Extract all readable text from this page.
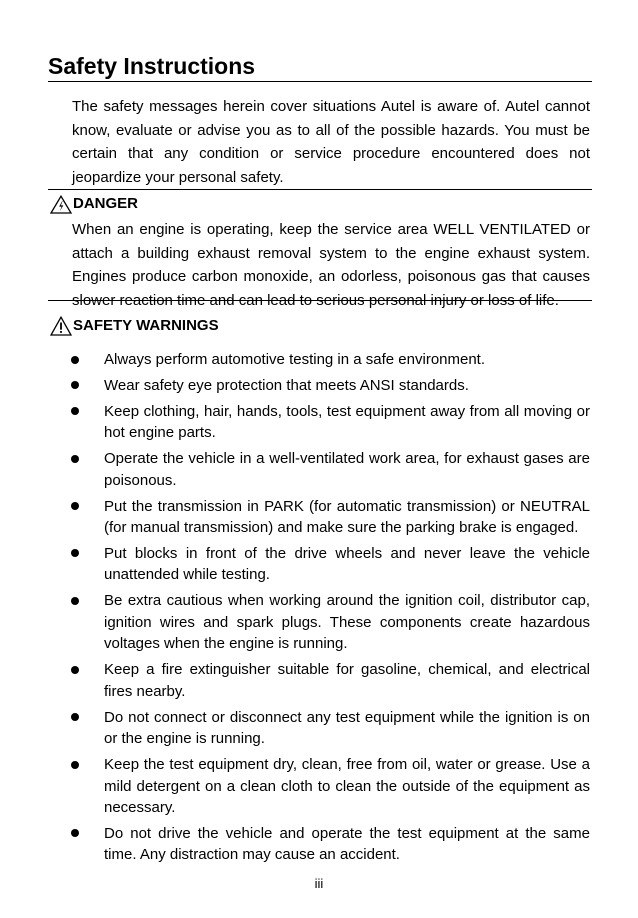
Safety Instructions

The safety messages herein cover situations Autel is aware of. Autel cannot know, evaluate or advise you as to all of the possible hazards. You must be certain that any condition or service procedure encountered does not jeopardize your personal safety.

DANGER

When an engine is operating, keep the service area WELL VENTILATED or attach a building exhaust removal system to the engine exhaust system. Engines produce carbon monoxide, an odorless, poisonous gas that causes slower reaction time and can lead to serious personal injury or loss of life.

SAFETY WARNINGS
Always perform automotive testing in a safe environment.
Wear safety eye protection that meets ANSI standards.
Keep clothing, hair, hands, tools, test equipment away from all moving or hot engine parts.
Operate the vehicle in a well-ventilated work area, for exhaust gases are poisonous.
Put the transmission in PARK (for automatic transmission) or NEUTRAL (for manual transmission) and make sure the parking brake is engaged.
Put blocks in front of the drive wheels and never leave the vehicle unattended while testing.
Be extra cautious when working around the ignition coil, distributor cap, ignition wires and spark plugs. These components create hazardous voltages when the engine is running.
Keep a fire extinguisher suitable for gasoline, chemical, and electrical fires nearby.
Do not connect or disconnect any test equipment while the ignition is on or the engine is running.
Keep the test equipment dry, clean, free from oil, water or grease. Use a mild detergent on a clean cloth to clean the outside of the equipment as necessary.
Do not drive the vehicle and operate the test equipment at the same time. Any distraction may cause an accident.
iii
